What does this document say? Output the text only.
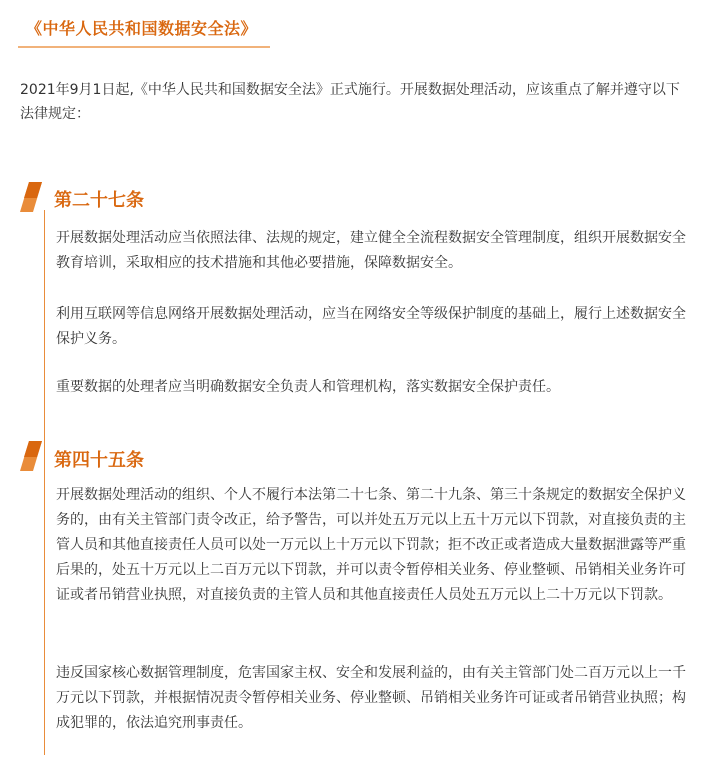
《中华人民共和国数据安全法》

2021年9月1日起,《中华人民共和国数据安全法》正式施行。开展数据处理活动，应该重点了解并遵守以下法律规定：

第二十七条

开展数据处理活动应当依照法律、法规的规定，建立健全全流程数据安全管理制度，组织开展数据安全教育培训，采取相应的技术措施和其他必要措施，保障数据安全。

利用互联网等信息网络开展数据处理活动，应当在网络安全等级保护制度的基础上，履行上述数据安全保护义务。

重要数据的处理者应当明确数据安全负责人和管理机构，落实数据安全保护责任。

第四十五条

开展数据处理活动的组织、个人不履行本法第二十七条、第二十九条、第三十条规定的数据安全保护义务的，由有关主管部门责令改正，给予警告，可以并处五万元以上五十万元以下罚款，对直接负责的主管人员和其他直接责任人员可以处一万元以上十万元以下罚款；拒不改正或者造成大量数据泄露等严重后果的，处五十万元以上二百万元以下罚款，并可以责令暂停相关业务、停业整顿、吊销相关业务许可证或者吊销营业执照，对直接负责的主管人员和其他直接责任人员处五万元以上二十万元以下罚款。

违反国家核心数据管理制度，危害国家主权、安全和发展利益的，由有关主管部门处二百万元以上一千万元以下罚款，并根据情况责令暂停相关业务、停业整顿、吊销相关业务许可证或者吊销营业执照；构成犯罪的，依法追究刑事责任。
